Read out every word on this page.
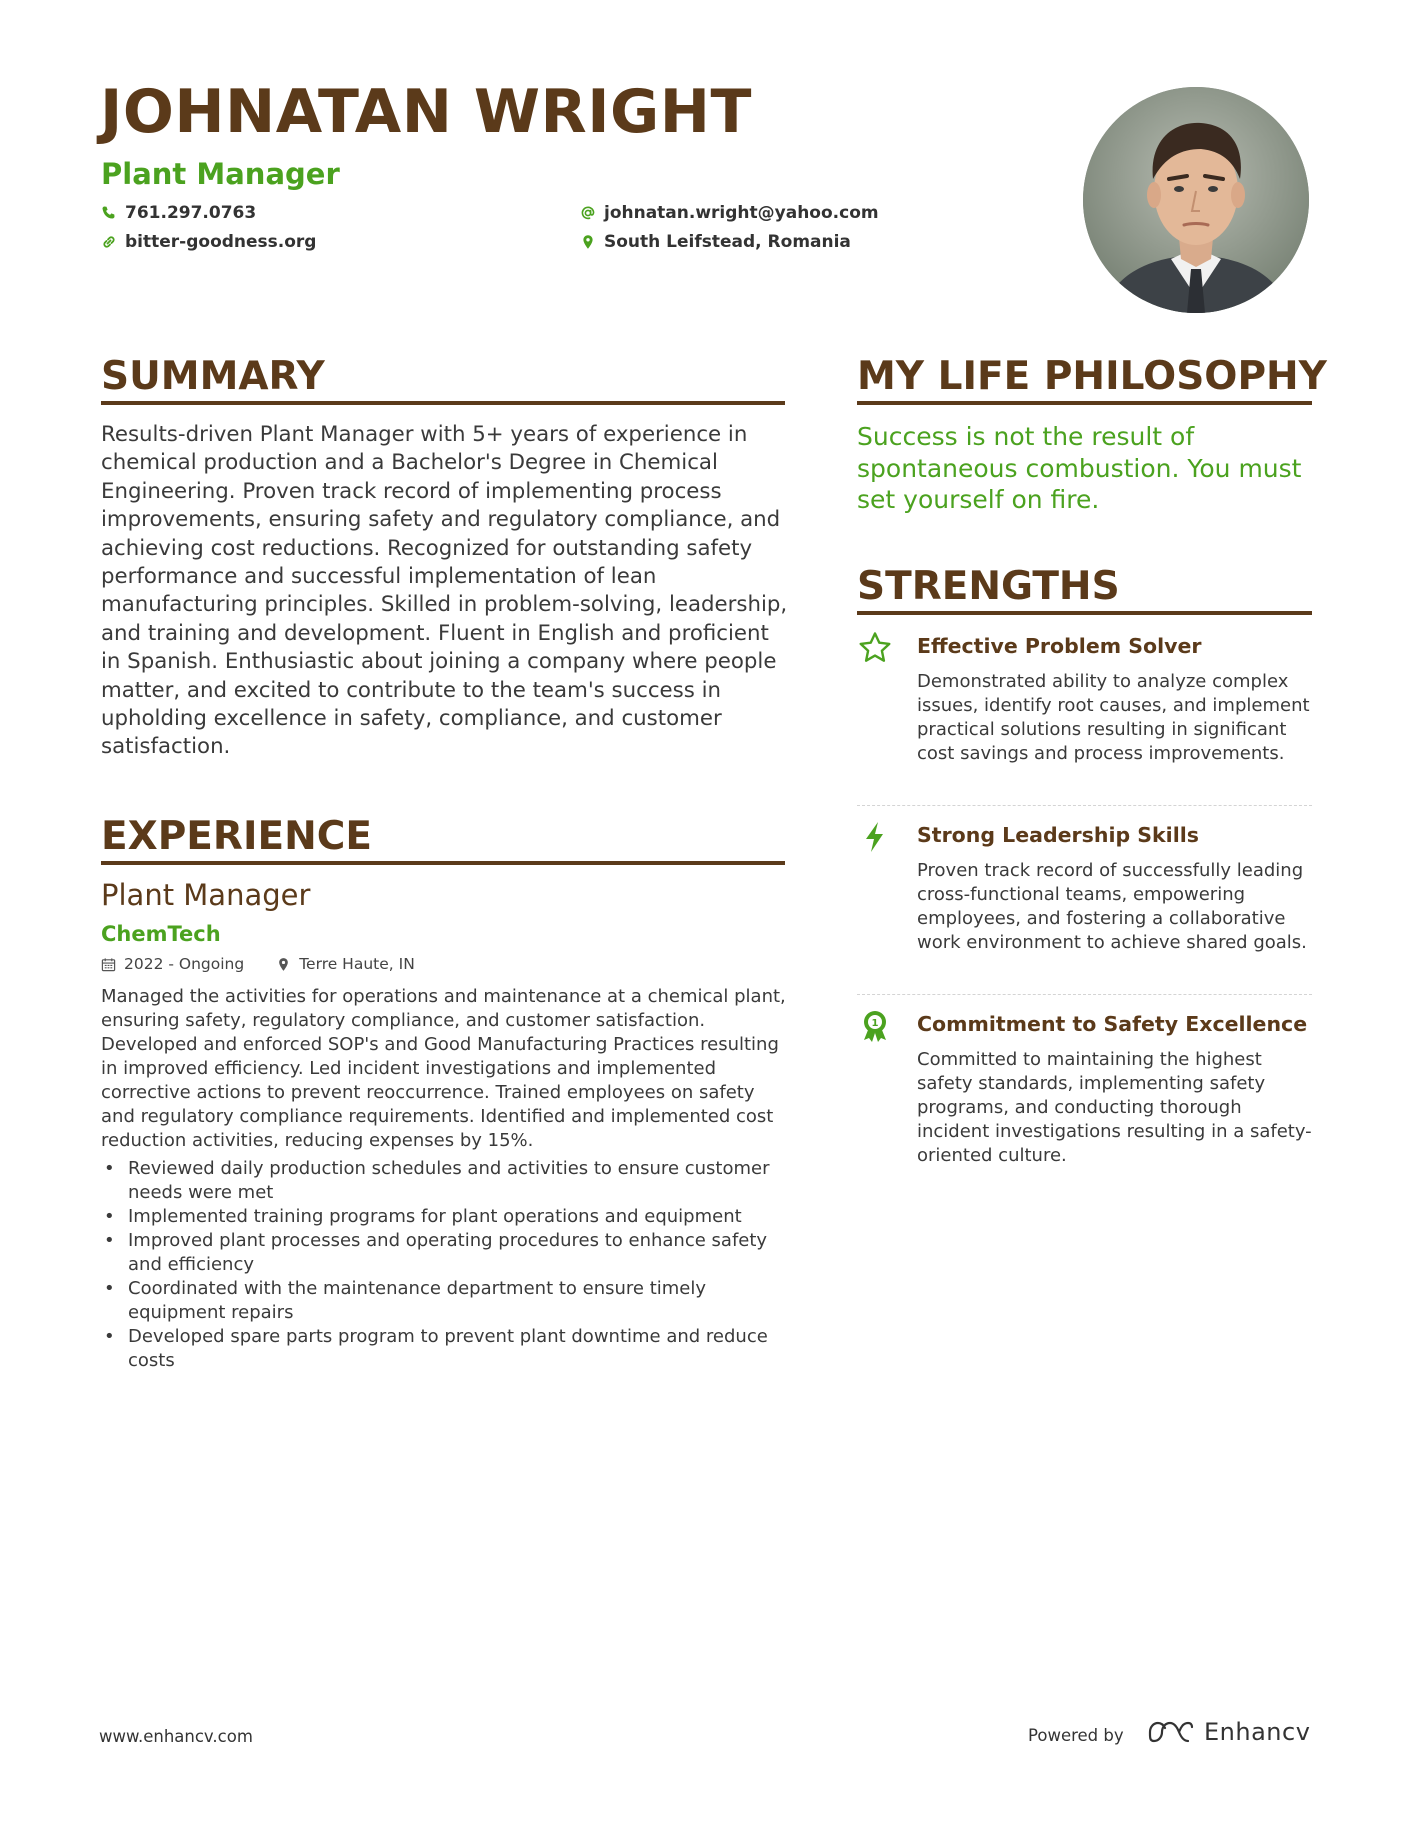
JOHNATAN WRIGHT
Plant Manager
761.297.0763
bitter-goodness.org
johnatan.wright@yahoo.com
South Leifstead, Romania
SUMMARY

Results-driven Plant Manager with 5+ years of experience in chemical production and a Bachelor's Degree in Chemical Engineering. Proven track record of implementing process improvements, ensuring safety and regulatory compliance, and achieving cost reductions. Recognized for outstanding safety performance and successful implementation of lean manufacturing principles. Skilled in problem-solving, leadership, and training and development. Fluent in English and proficient in Spanish. Enthusiastic about joining a company where people matter, and excited to contribute to the team's success in upholding excellence in safety, compliance, and customer satisfaction.

EXPERIENCE
Plant Manager
ChemTech
2022 - Ongoing	Terre Haute, IN

Managed the activities for operations and maintenance at a chemical plant, ensuring safety, regulatory compliance, and customer satisfaction. Developed and enforced SOP's and Good Manufacturing Practices resulting in improved efficiency. Led incident investigations and implemented corrective actions to prevent reoccurrence. Trained employees on safety and regulatory compliance requirements. Identified and implemented cost reduction activities, reducing expenses by 15%.

• Reviewed daily production schedules and activities to ensure customer needs were met
• Implemented training programs for plant operations and equipment
• Improved plant processes and operating procedures to enhance safety and efficiency
• Coordinated with the maintenance department to ensure timely equipment repairs
• Developed spare parts program to prevent plant downtime and reduce costs
MY LIFE PHILOSOPHY

Success is not the result of spontaneous combustion. You must set yourself on fire.

STRENGTHS
Effective Problem Solver

Demonstrated ability to analyze complex issues, identify root causes, and implement practical solutions resulting in significant cost savings and process improvements.

Strong Leadership Skills

Proven track record of successfully leading cross-functional teams, empowering employees, and fostering a collaborative work environment to achieve shared goals.

1 Commitment to Safety Excellence

Committed to maintaining the highest safety standards, implementing safety programs, and conducting thorough incident investigations resulting in a safety-oriented culture.

www.enhancv.com	Powered by	Enhancv
